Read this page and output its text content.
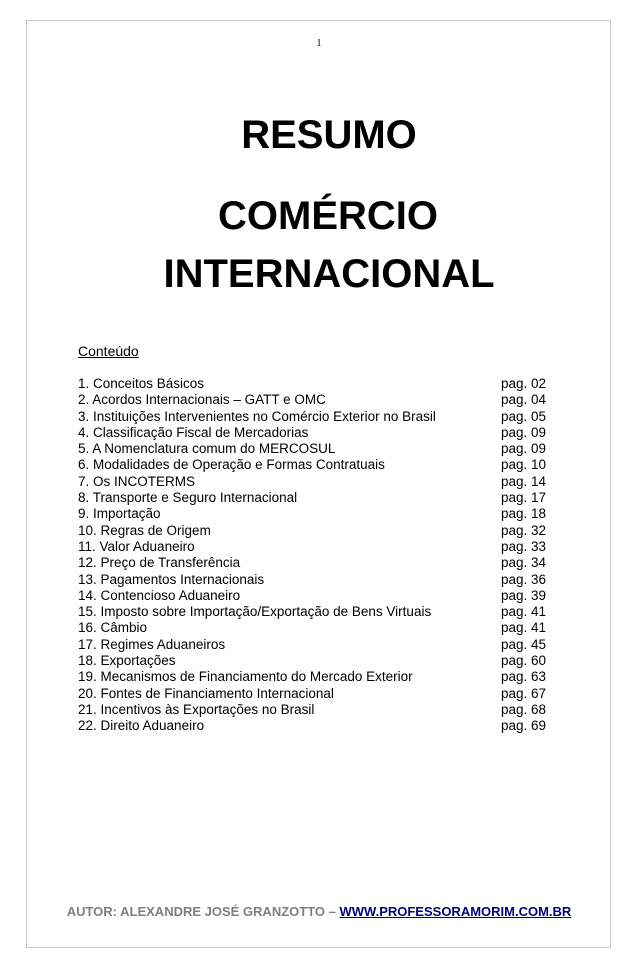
1
RESUMO
COMÉRCIO
INTERNACIONAL
Conteúdo
1. Conceitos Básicos	pag. 02
2. Acordos Internacionais – GATT e OMC	pag. 04
3. Instituições Intervenientes no Comércio Exterior no Brasil	pag. 05
4. Classificação Fiscal de Mercadorias	pag. 09
5. A Nomenclatura comum do MERCOSUL	pag. 09
6. Modalidades de Operação e Formas Contratuais	pag. 10
7. Os INCOTERMS	pag. 14
8. Transporte e Seguro Internacional	pag. 17
9. Importação	pag. 18
10. Regras de Origem	pag. 32
11. Valor Aduaneiro	pag. 33
12. Preço de Transferência	pag. 34
13. Pagamentos Internacionais	pag. 36
14. Contencioso Aduaneiro	pag. 39
15. Imposto sobre Importação/Exportação de Bens Virtuais	pag. 41
16. Câmbio	pag. 41
17. Regimes Aduaneiros	pag. 45
18. Exportações	pag. 60
19. Mecanismos de Financiamento do Mercado Exterior	pag. 63
20. Fontes de Financiamento Internacional	pag. 67
21. Incentivos às Exportações no Brasil	pag. 68
22. Direito Aduaneiro	pag. 69
AUTOR: ALEXANDRE JOSÉ GRANZOTTO – WWW.PROFESSORAMORIM.COM.BR
